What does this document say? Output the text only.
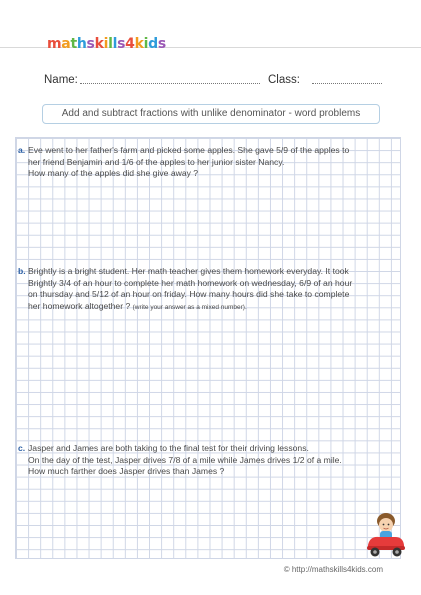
mathskills4kids
Name:	Class:
Add and subtract fractions with unlike denominator - word problems
a. Eve went to her father's farm and picked some apples. She gave 5/9 of the apples to

her friend Benjamin and 1/6 of the apples to her junior sister Nancy.

How many of the apples did she give away ?

b. Brightly is a bright student. Her math teacher gives them homework everyday. It took

Brightly 3/4 of an hour to complete her math homework on wednesday, 6/9 of an hour

on thursday and 5/12 of an hour on friday. How many hours did she take to complete

her homework altogether ? (write your answer as a mixed number).

c. Jasper and James are both taking to the final test for their driving lessons.

On the day of the test, Jasper drives 7/8 of a mile while James drives 1/2 of a mile.

How much farther does Jasper drives than James ?

© http://mathskills4kids.com
